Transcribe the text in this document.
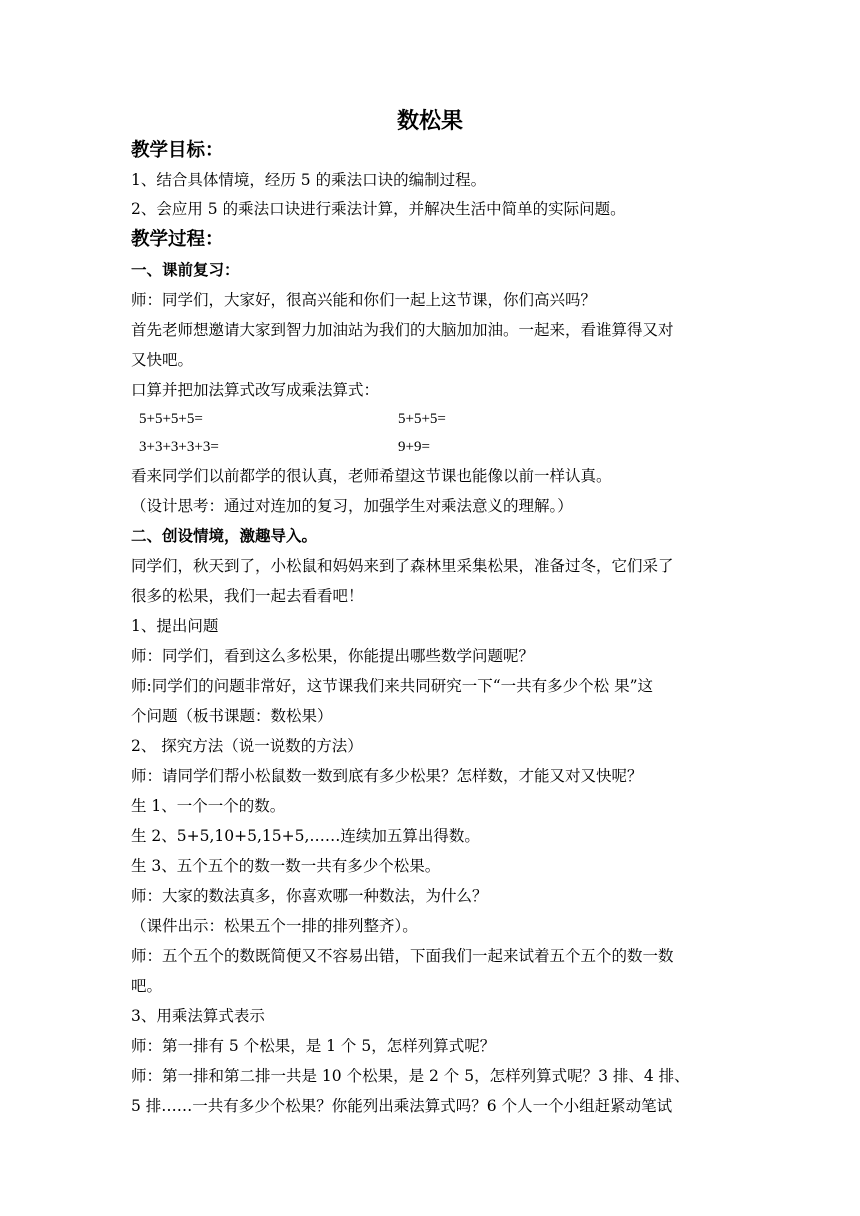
数松果
教学目标：
1、结合具体情境，经历 5 的乘法口诀的编制过程。
2、会应用 5 的乘法口诀进行乘法计算，并解决生活中简单的实际问题。
教学过程：
一、课前复习：
师：同学们，大家好，很高兴能和你们一起上这节课，你们高兴吗？
首先老师想邀请大家到智力加油站为我们的大脑加加油。一起来，看谁算得又对
又快吧。
口算并把加法算式改写成乘法算式：
5+5+5+5=	5+5+5=
3+3+3+3+3=	9+9=
看来同学们以前都学的很认真，老师希望这节课也能像以前一样认真。
（设计思考：通过对连加的复习，加强学生对乘法意义的理解。）
二、创设情境，激趣导入。
同学们，秋天到了，小松鼠和妈妈来到了森林里采集松果，准备过冬，它们采了
很多的松果，我们一起去看看吧！
1、提出问题
师：同学们，看到这么多松果，你能提出哪些数学问题呢？
师:同学们的问题非常好，这节课我们来共同研究一下“一共有多少个松 果”这
个问题（板书课题：数松果）
2、 探究方法（说一说数的方法）
师：请同学们帮小松鼠数一数到底有多少松果？怎样数，才能又对又快呢？
生 1、一个一个的数。
生 2、5+5,10+5,15+5,……连续加五算出得数。
生 3、五个五个的数一数一共有多少个松果。
师：大家的数法真多，你喜欢哪一种数法，为什么？
（课件出示：松果五个一排的排列整齐）。
师：五个五个的数既简便又不容易出错，下面我们一起来试着五个五个的数一数
吧。
3、用乘法算式表示
师：第一排有 5 个松果，是 1 个 5，怎样列算式呢？
师：第一排和第二排一共是 10 个松果，是 2 个 5，怎样列算式呢？3 排、4 排、
5 排……一共有多少个松果？你能列出乘法算式吗？6 个人一个小组赶紧动笔试
